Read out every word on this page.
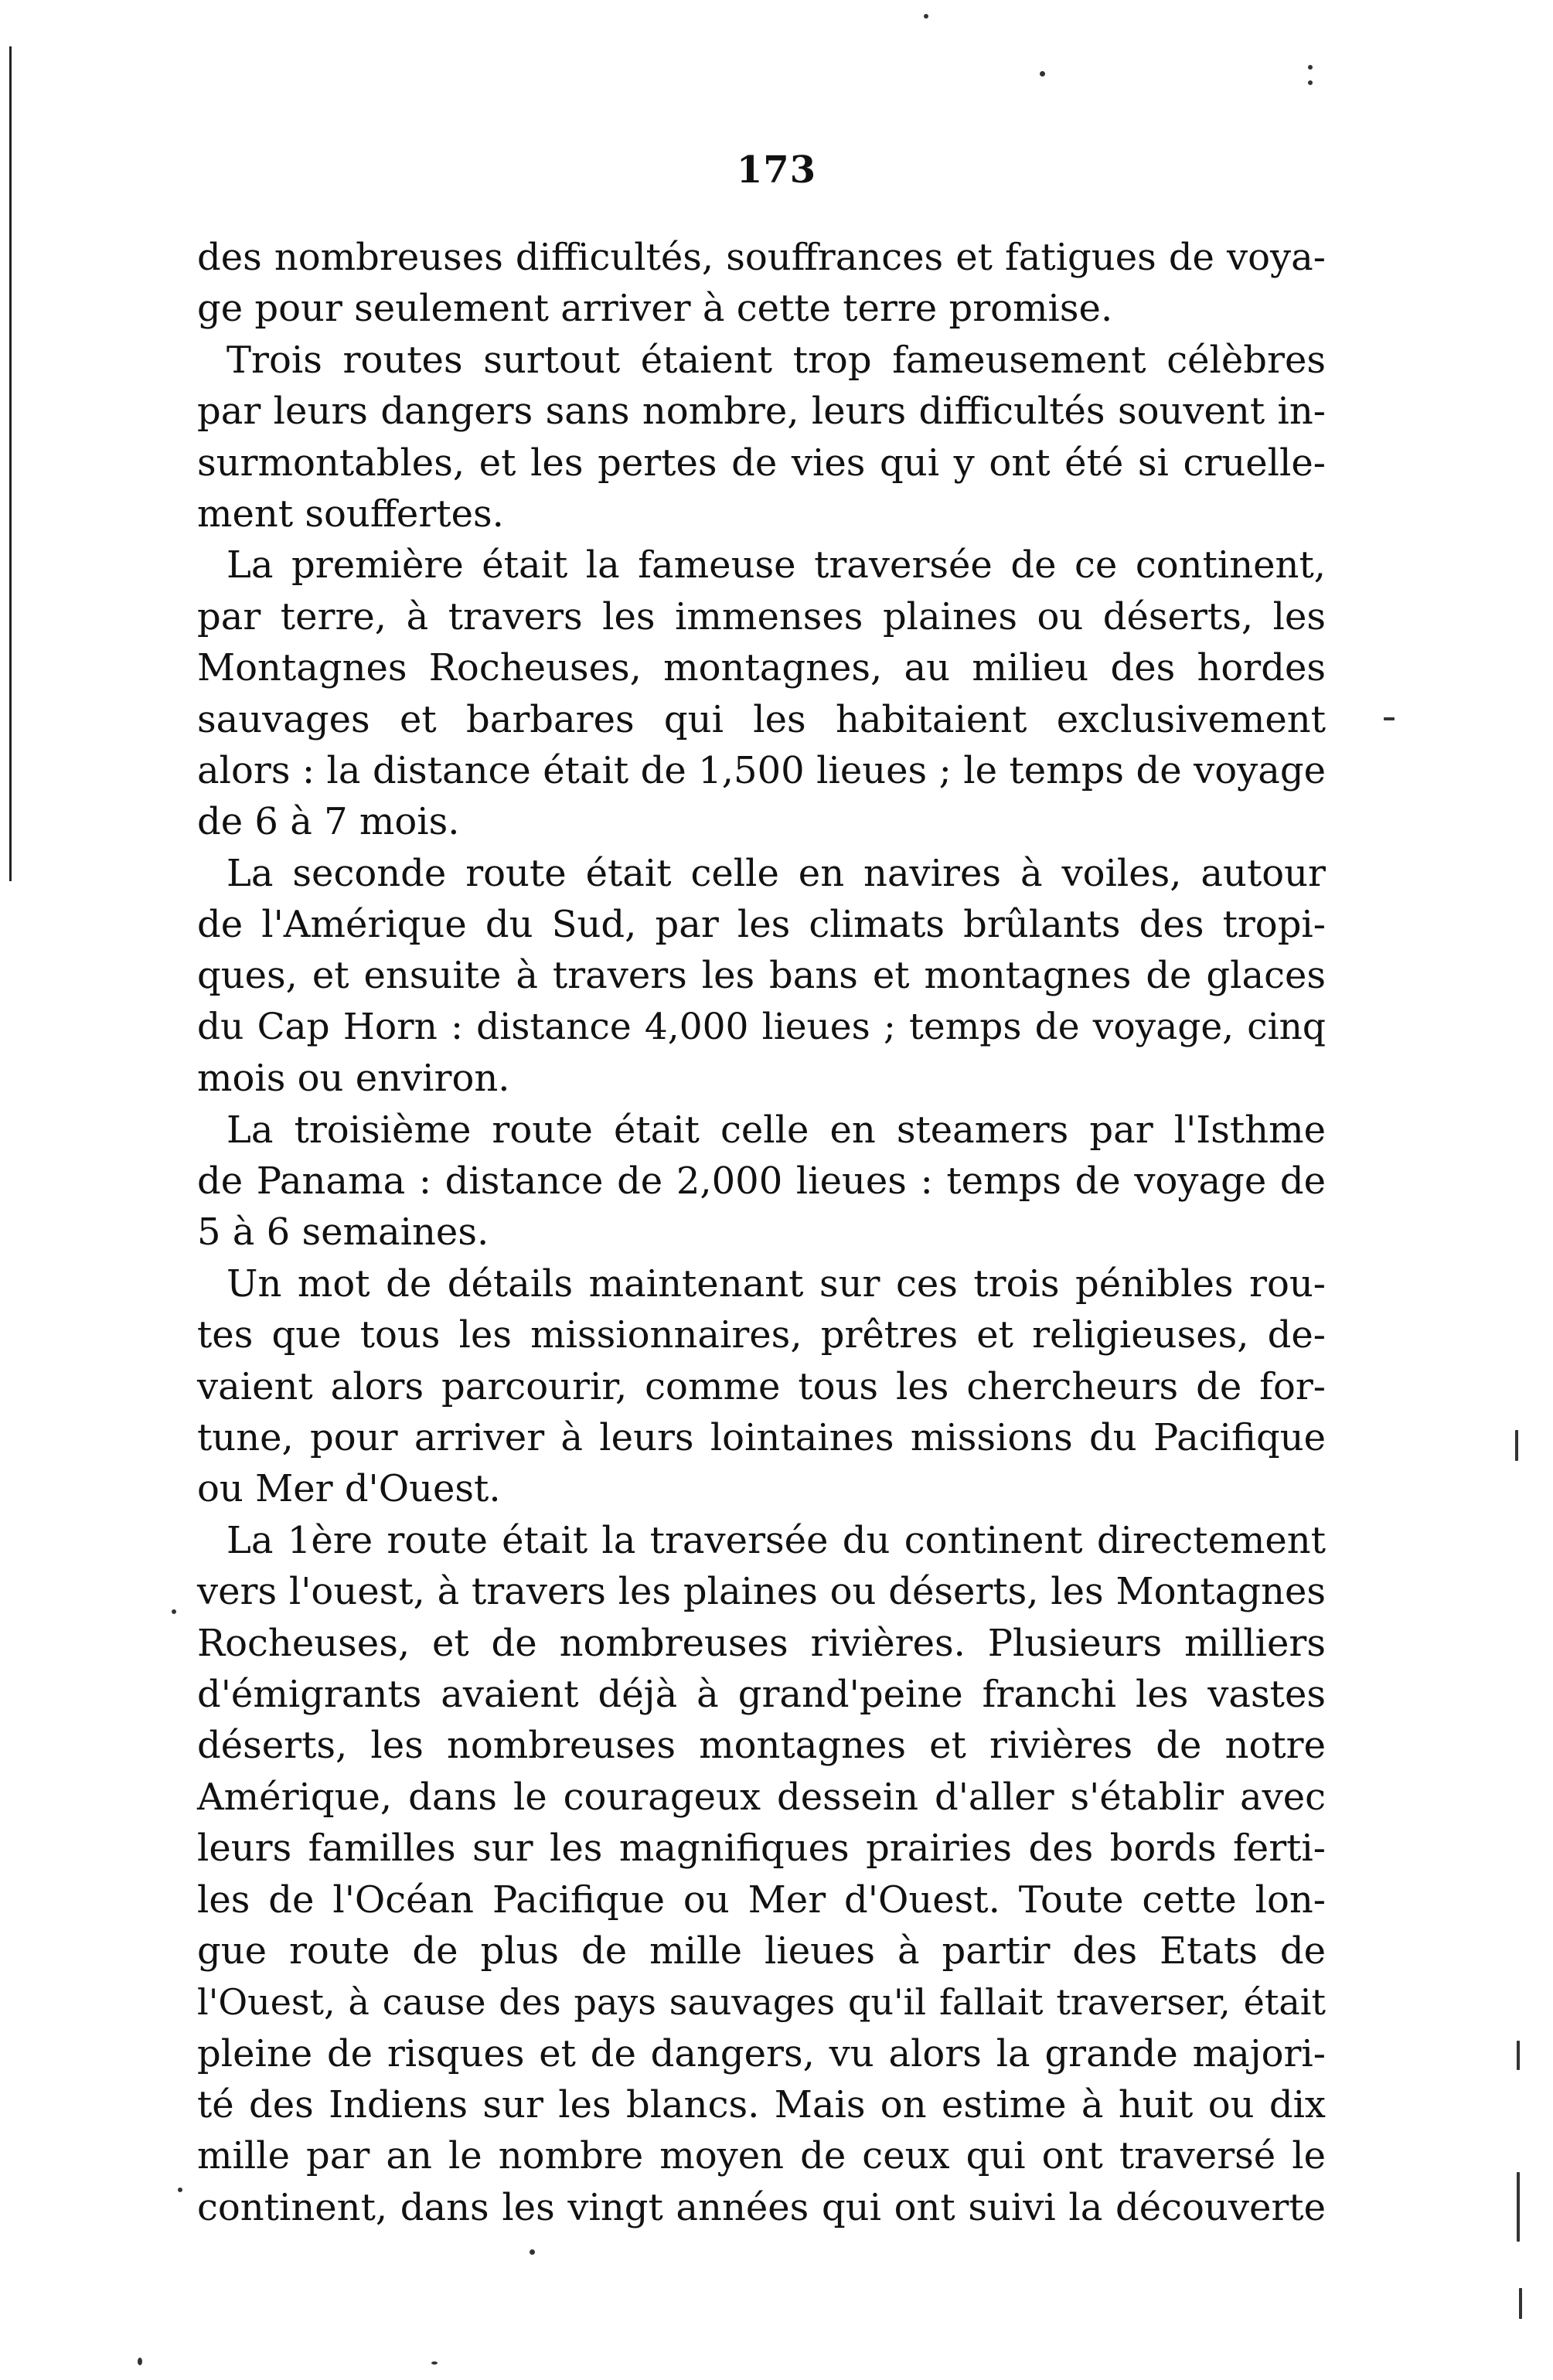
173
des nombreuses difficultés, souffrances et fatigues de voya-
ge pour seulement arriver à cette terre promise.
Trois routes surtout étaient trop fameusement célèbres
par leurs dangers sans nombre, leurs difficultés souvent in-
surmontables, et les pertes de vies qui y ont été si cruelle-
ment souffertes.
La première était la fameuse traversée de ce continent,
par terre, à travers les immenses plaines ou déserts, les
Montagnes Rocheuses, montagnes, au milieu des hordes
sauvages et barbares qui les habitaient exclusivement
alors : la distance était de 1,500 lieues ; le temps de voyage
de 6 à 7 mois.
La seconde route était celle en navires à voiles, autour
de l'Amérique du Sud, par les climats brûlants des tropi-
ques, et ensuite à travers les bans et montagnes de glaces
du Cap Horn : distance 4,000 lieues ; temps de voyage, cinq
mois ou environ.
La troisième route était celle en steamers par l'Isthme
de Panama : distance de 2,000 lieues : temps de voyage de
5 à 6 semaines.
Un mot de détails maintenant sur ces trois pénibles rou-
tes que tous les missionnaires, prêtres et religieuses, de-
vaient alors parcourir, comme tous les chercheurs de for-
tune, pour arriver à leurs lointaines missions du Pacifique
ou Mer d'Ouest.
La 1ère route était la traversée du continent directement
vers l'ouest, à travers les plaines ou déserts, les Montagnes
Rocheuses, et de nombreuses rivières. Plusieurs milliers
d'émigrants avaient déjà à grand'peine franchi les vastes
déserts, les nombreuses montagnes et rivières de notre
Amérique, dans le courageux dessein d'aller s'établir avec
leurs familles sur les magnifiques prairies des bords ferti-
les de l'Océan Pacifique ou Mer d'Ouest. Toute cette lon-
gue route de plus de mille lieues à partir des Etats de
l'Ouest, à cause des pays sauvages qu'il fallait traverser, était
pleine de risques et de dangers, vu alors la grande majori-
té des Indiens sur les blancs. Mais on estime à huit ou dix
mille par an le nombre moyen de ceux qui ont traversé le
continent, dans les vingt années qui ont suivi la découverte
